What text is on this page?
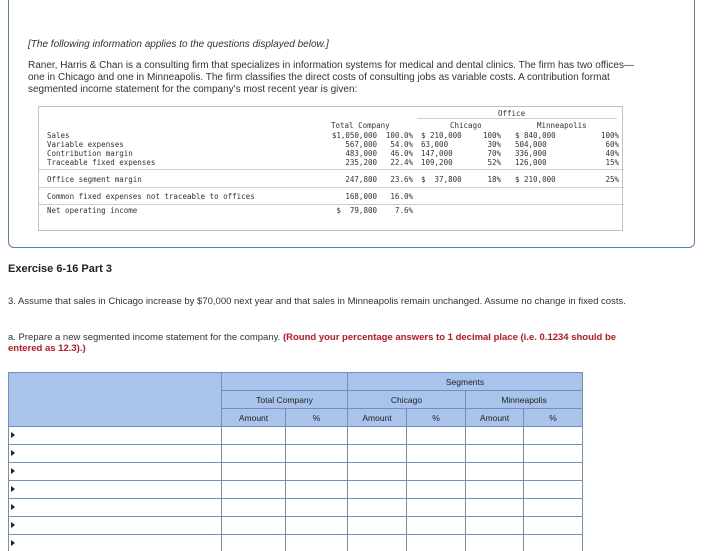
[The following information applies to the questions displayed below.]
Raner, Harris & Chan is a consulting firm that specializes in information systems for medical and dental clinics. The firm has two offices—one in Chicago and one in Minneapolis. The firm classifies the direct costs of consulting jobs as variable costs. A contribution format segmented income statement for the company's most recent year is given:
Office
Total Company	Chicago	Minneapolis
Sales	$1,050,000	100.0% $ 210,000	100% $ 840,000	100%
Variable expenses	567,000	54.0% 63,000	30% 504,000	60%
Contribution margin	483,000	46.0% 147,000	70% 336,000	40%
Traceable fixed expenses	235,200	22.4% 109,200	52% 126,000	15%
Office segment margin	247,800	23.6% $  37,800	18% $ 210,000	25%
Common fixed expenses not traceable to offices	168,000	16.0%
Net operating income	$  79,800	7.6%
Exercise 6-16 Part 3
3. Assume that sales in Chicago increase by $70,000 next year and that sales in Minneapolis remain unchanged. Assume no change in fixed costs.
a. Prepare a new segmented income statement for the company. (Round your percentage answers to 1 decimal place (i.e. 0.1234 should be entered as 12.3).)
			Segments			
	Total Company		Chicago		Minneapolis	
	Amount	%	Amount	%	Amount	%
